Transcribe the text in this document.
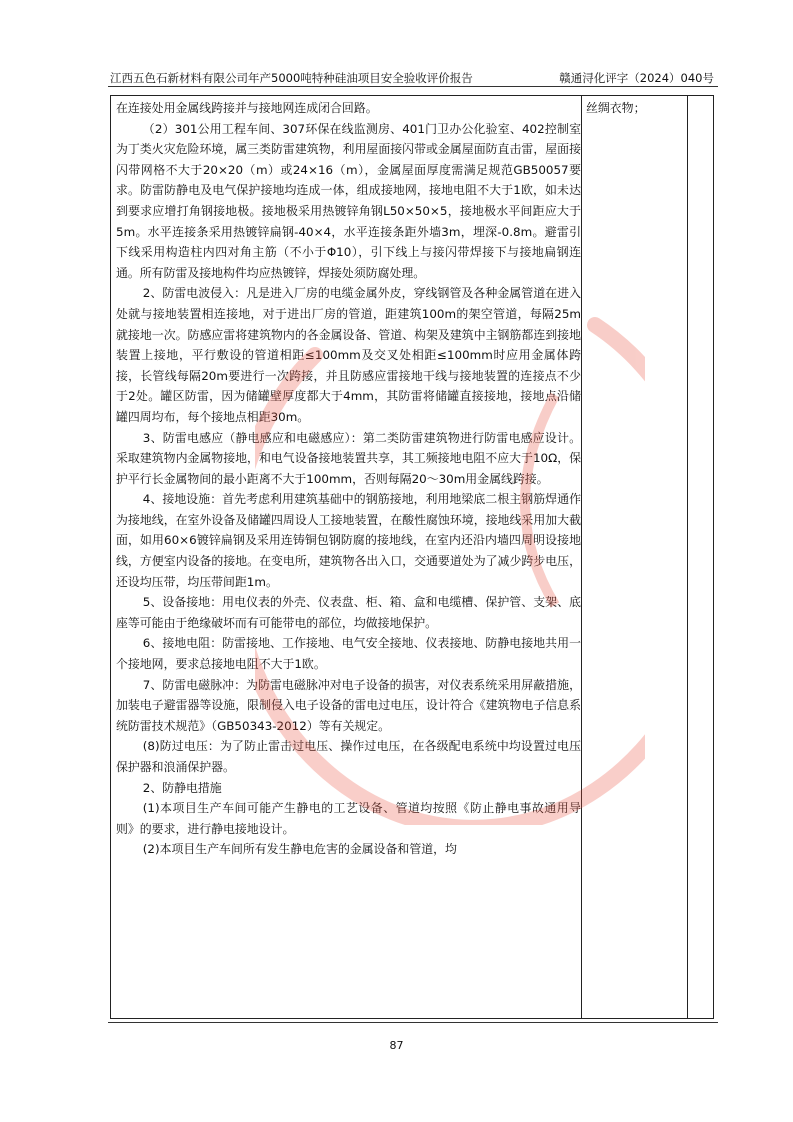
江西五色石新材料有限公司年产5000吨特种硅油项目安全验收评价报告	赣通浔化评字（2024）040号

在连接处用金属线跨接并与接地网连成闭合回路。

（2）301公用工程车间、307环保在线监测房、401门卫办公化验室、402控制室为丁类火灾危险环境，属三类防雷建筑物，利用屋面接闪带或金属屋面防直击雷，屋面接闪带网格不大于20×20（m）或24×16（m），金属屋面厚度需满足规范GB50057要求。防雷防静电及电气保护接地均连成一体，组成接地网，接地电阻不大于1欧，如未达到要求应增打角钢接地极。接地极采用热镀锌角钢L50×50×5，接地极水平间距应大于5m。水平连接条采用热镀锌扁钢-40×4，水平连接条距外墙3m，埋深-0.8m。避雷引下线采用构造柱内四对角主筋（不小于Φ10），引下线上与接闪带焊接下与接地扁钢连通。所有防雷及接地构件均应热镀锌，焊接处须防腐处理。

2、防雷电波侵入：凡是进入厂房的电缆金属外皮，穿线钢管及各种金属管道在进入处就与接地装置相连接地，对于进出厂房的管道，距建筑100m的架空管道，每隔25m就接地一次。防感应雷将建筑物内的各金属设备、管道、构架及建筑中主钢筋都连到接地装置上接地，平行敷设的管道相距≤100mm及交叉处相距≤100mm时应用金属体跨接，长管线每隔20m要进行一次跨接，并且防感应雷接地干线与接地装置的连接点不少于2处。罐区防雷，因为储罐壁厚度都大于4mm，其防雷将储罐直接接地，接地点沿储罐四周均布，每个接地点相距30m。

3、防雷电感应（静电感应和电磁感应）：第二类防雷建筑物进行防雷电感应设计。采取建筑物内金属物接地，和电气设备接地装置共享，其工频接地电阻不应大于10Ω，保护平行长金属物间的最小距离不大于100mm，否则每隔20～30m用金属线跨接。

4、接地设施：首先考虑利用建筑基础中的钢筋接地，利用地梁底二根主钢筋焊通作为接地线，在室外设备及储罐四周设人工接地装置，在酸性腐蚀环境，接地线采用加大截面，如用60×6镀锌扁钢及采用连铸铜包钢防腐的接地线，在室内还沿内墙四周明设接地线，方便室内设备的接地。在变电所，建筑物各出入口，交通要道处为了减少跨步电压，还设均压带，均压带间距1m。

5、设备接地：用电仪表的外壳、仪表盘、柜、箱、盒和电缆槽、保护管、支架、底座等可能由于绝缘破坏而有可能带电的部位，均做接地保护。

6、接地电阻：防雷接地、工作接地、电气安全接地、仪表接地、防静电接地共用一个接地网，要求总接地电阻不大于1欧。

7、防雷电磁脉冲：为防雷电磁脉冲对电子设备的损害，对仪表系统采用屏蔽措施，加装电子避雷器等设施，限制侵入电子设备的雷电过电压，设计符合《建筑物电子信息系统防雷技术规范》（GB50343-2012）等有关规定。

(8)防过电压：为了防止雷击过电压、操作过电压，在各级配电系统中均设置过电压保护器和浪涌保护器。

2、防静电措施

(1)本项目生产车间可能产生静电的工艺设备、管道均按照《防止静电事故通用导则》的要求，进行静电接地设计。

(2)本项目生产车间所有发生静电危害的金属设备和管道，均

丝绸衣物；
87
